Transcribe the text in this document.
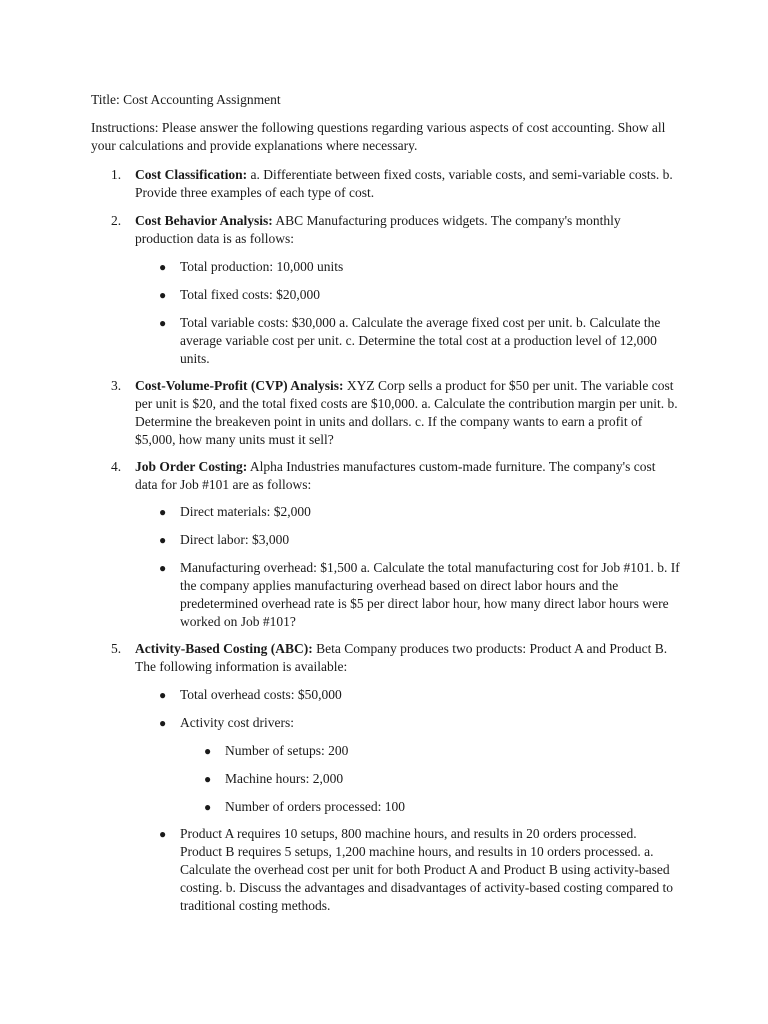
Title: Cost Accounting Assignment

Instructions: Please answer the following questions regarding various aspects of cost accounting. Show all your calculations and provide explanations where necessary.

1.	Cost Classification: a. Differentiate between fixed costs, variable costs, and semi-variable costs. b. Provide three examples of each type of cost.
2.	Cost Behavior Analysis: ABC Manufacturing produces widgets. The company's monthly production data is as follows:
● Total production: 10,000 units
● Total fixed costs: $20,000
● Total variable costs: $30,000 a. Calculate the average fixed cost per unit. b. Calculate the average variable cost per unit. c. Determine the total cost at a production level of 12,000 units.
3.	Cost-Volume-Profit (CVP) Analysis: XYZ Corp sells a product for $50 per unit. The variable cost per unit is $20, and the total fixed costs are $10,000. a. Calculate the contribution margin per unit. b. Determine the breakeven point in units and dollars. c. If the company wants to earn a profit of $5,000, how many units must it sell?
4.	Job Order Costing: Alpha Industries manufactures custom-made furniture. The company's cost data for Job #101 are as follows:
● Direct materials: $2,000
● Direct labor: $3,000
● Manufacturing overhead: $1,500 a. Calculate the total manufacturing cost for Job #101. b. If the company applies manufacturing overhead based on direct labor hours and the predetermined overhead rate is $5 per direct labor hour, how many direct labor hours were worked on Job #101?
5.	Activity-Based Costing (ABC): Beta Company produces two products: Product A and Product B. The following information is available:
● Total overhead costs: $50,000
● Activity cost drivers:
● Number of setups: 200
● Machine hours: 2,000
● Number of orders processed: 100
● Product A requires 10 setups, 800 machine hours, and results in 20 orders processed. Product B requires 5 setups, 1,200 machine hours, and results in 10 orders processed. a. Calculate the overhead cost per unit for both Product A and Product B using activity-based costing. b. Discuss the advantages and disadvantages of activity-based costing compared to traditional costing methods.
